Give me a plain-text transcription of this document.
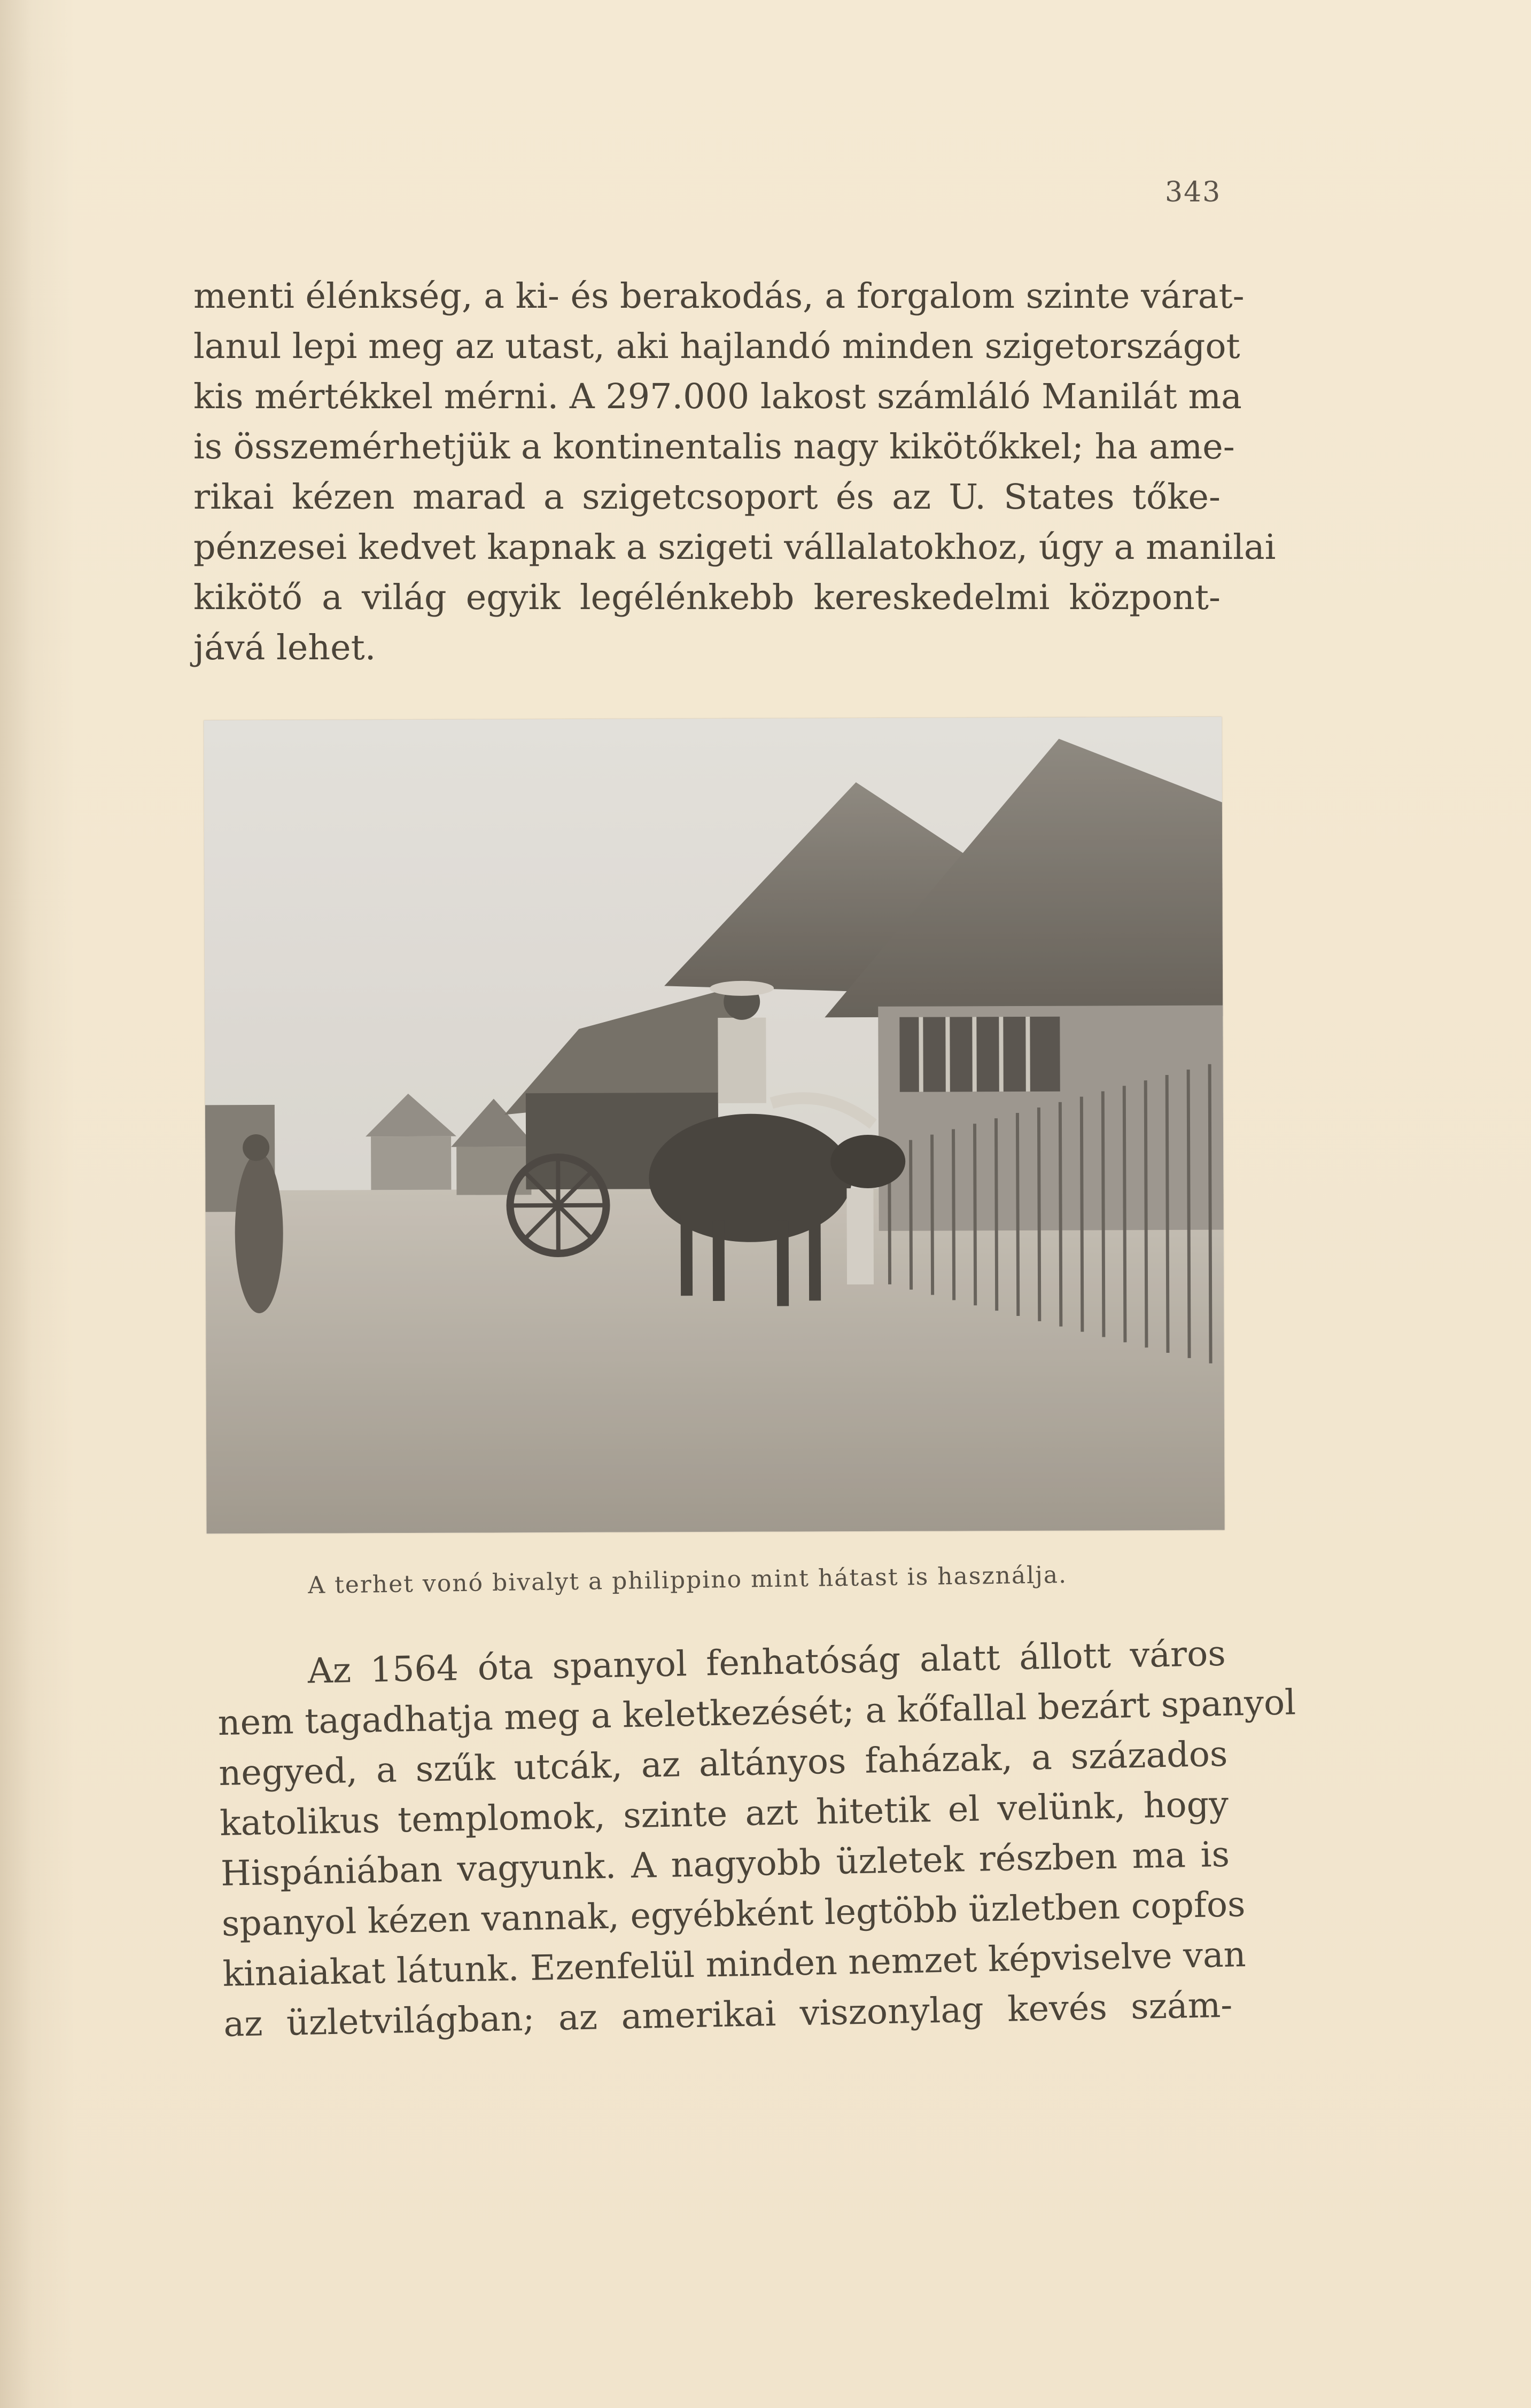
343
menti élénkség, a ki- és berakodás, a forgalom szinte várat-
lanul lepi meg az utast, aki hajlandó minden szigetországot
kis mértékkel mérni. A 297.000 lakost számláló Manilát ma
is összemérhetjük a kontinentalis nagy kikötőkkel; ha ame-
rikai kézen marad a szigetcsoport és az U. States tőke-
pénzesei kedvet kapnak a szigeti vállalatokhoz, úgy a manilai
kikötő a világ egyik legélénkebb kereskedelmi központ-
jává lehet.
A terhet vonó bivalyt a philippino mint hátast is használja.
Az 1564 óta spanyol fenhatóság alatt állott város
nem tagadhatja meg a keletkezését; a kőfallal bezárt spanyol
negyed, a szűk utcák, az altányos faházak, a százados
katolikus templomok, szinte azt hitetik el velünk, hogy
Hispániában vagyunk. A nagyobb üzletek részben ma is
spanyol kézen vannak, egyébként legtöbb üzletben copfos
kinaiakat látunk. Ezenfelül minden nemzet képviselve van
az üzletvilágban; az amerikai viszonylag kevés szám-
